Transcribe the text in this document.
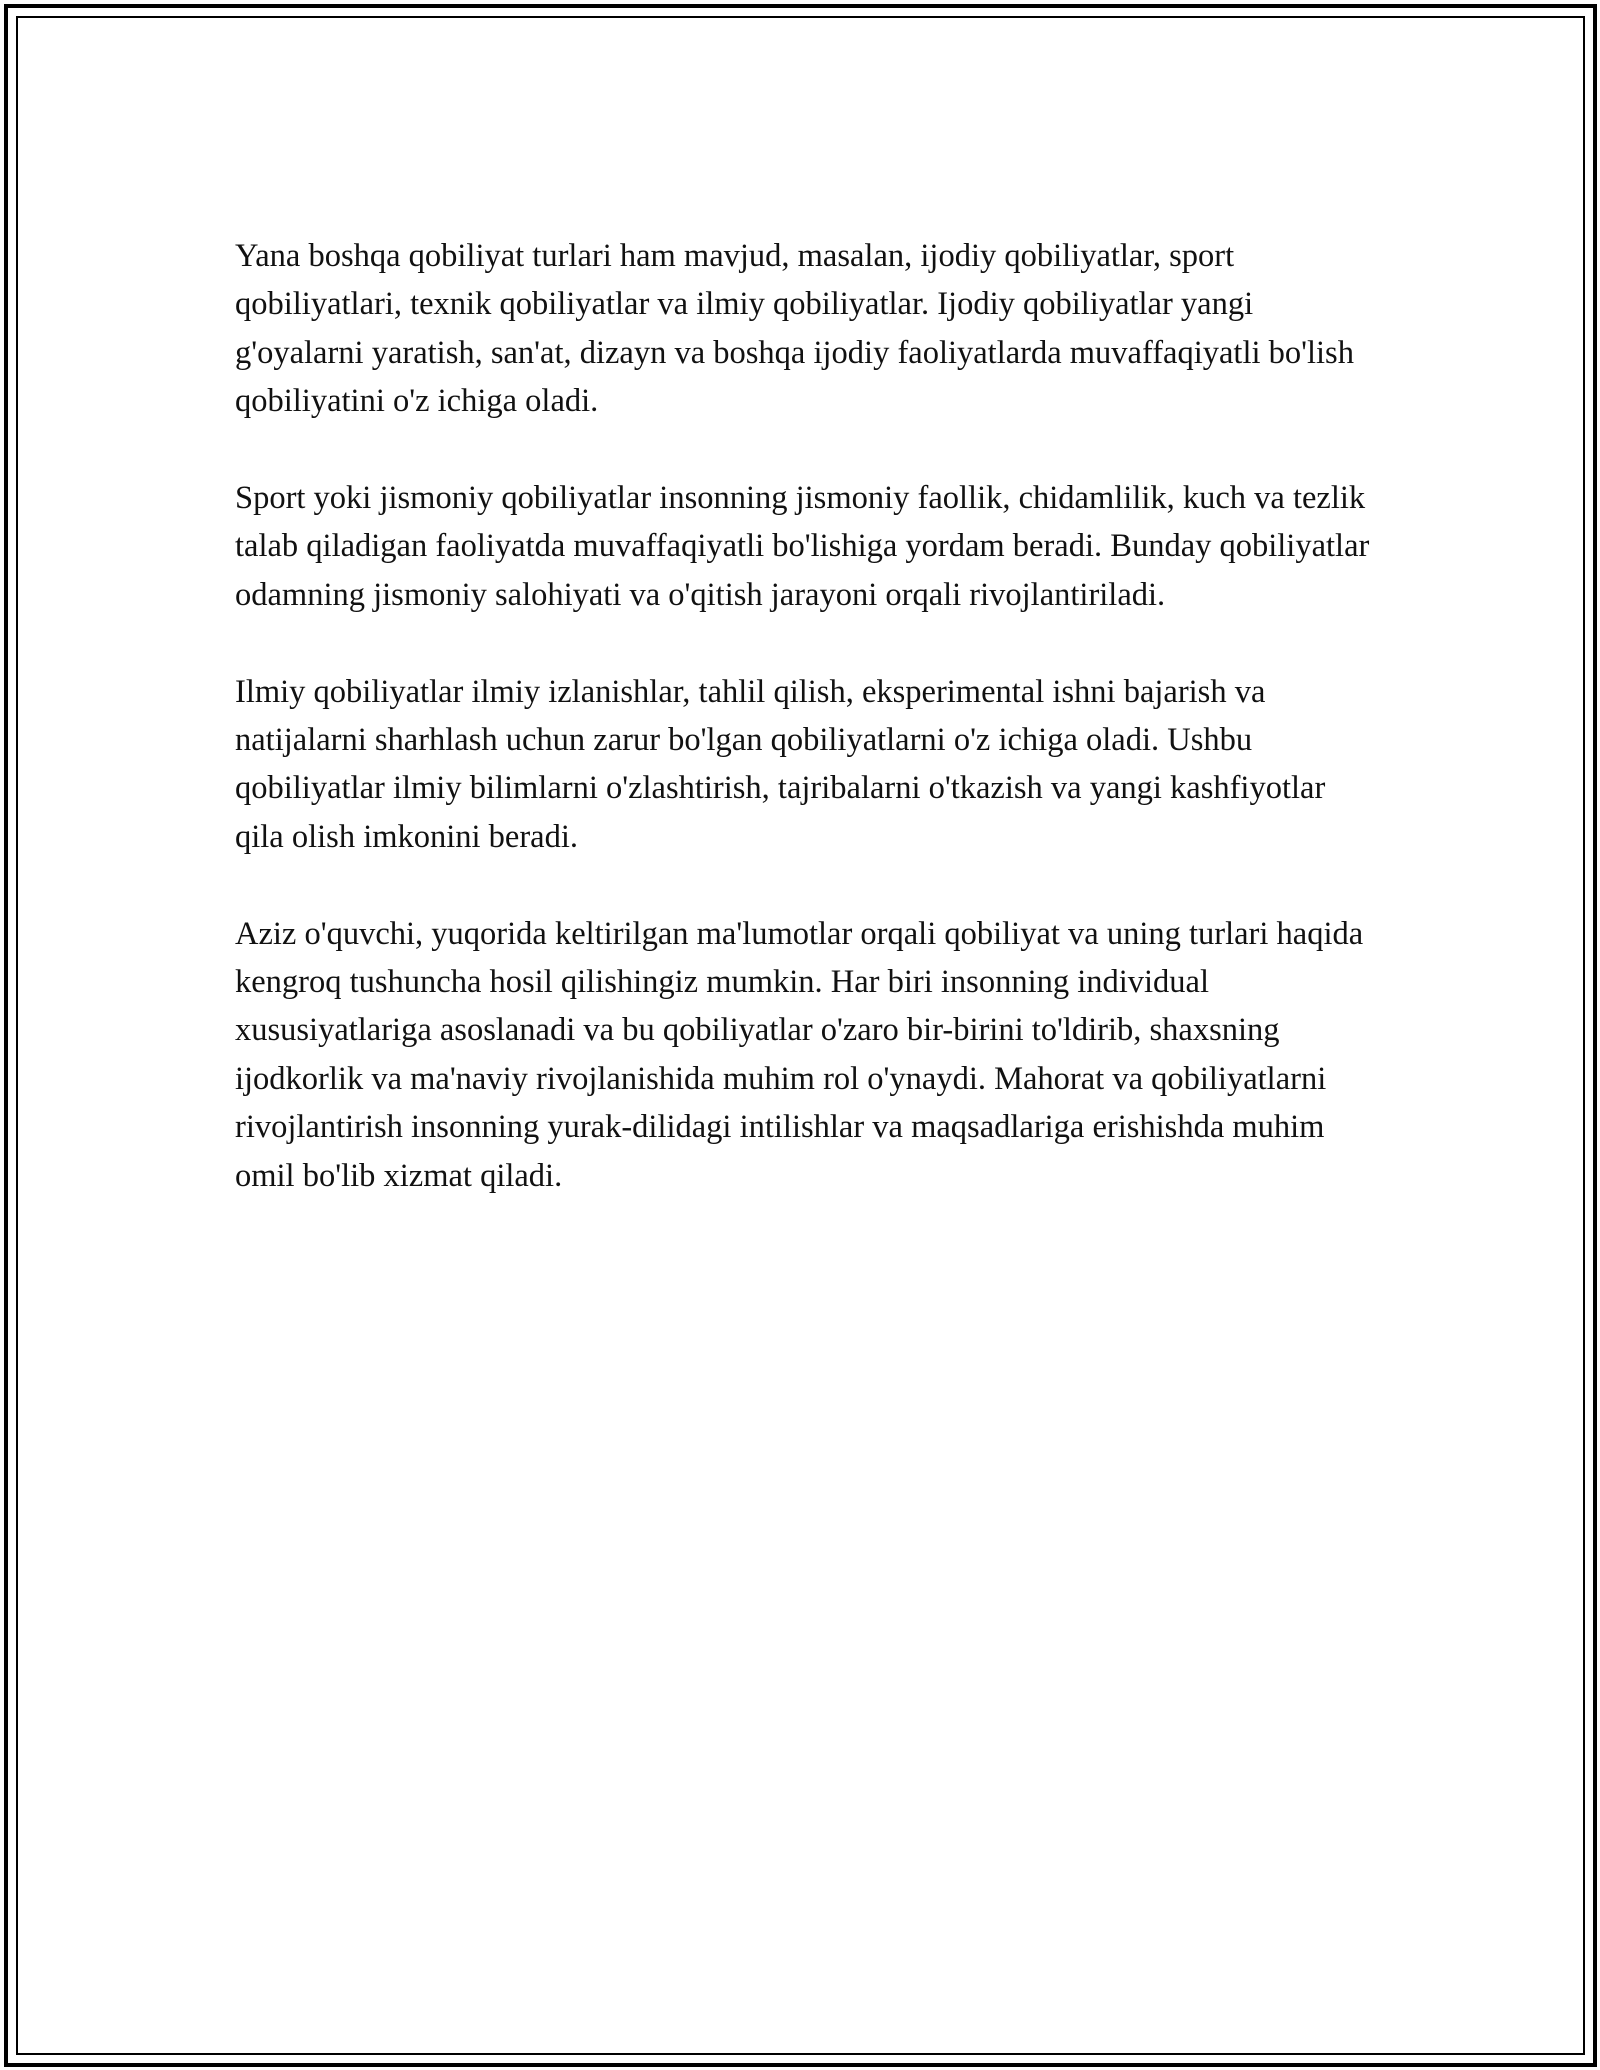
Yana boshqa qobiliyat turlari ham mavjud, masalan, ijodiy qobiliyatlar, sport qobiliyatlari, texnik qobiliyatlar va ilmiy qobiliyatlar. Ijodiy qobiliyatlar yangi g'oyalarni yaratish, san'at, dizayn va boshqa ijodiy faoliyatlarda muvaffaqiyatli bo'lish qobiliyatini o'z ichiga oladi.

Sport yoki jismoniy qobiliyatlar insonning jismoniy faollik, chidamlilik, kuch va tezlik talab qiladigan faoliyatda muvaffaqiyatli bo'lishiga yordam beradi. Bunday qobiliyatlar odamning jismoniy salohiyati va o'qitish jarayoni orqali rivojlantiriladi.

Ilmiy qobiliyatlar ilmiy izlanishlar, tahlil qilish, eksperimental ishni bajarish va natijalarni sharhlash uchun zarur bo'lgan qobiliyatlarni o'z ichiga oladi. Ushbu qobiliyatlar ilmiy bilimlarni o'zlashtirish, tajribalarni o'tkazish va yangi kashfiyotlar qila olish imkonini beradi.

Aziz o'quvchi, yuqorida keltirilgan ma'lumotlar orqali qobiliyat va uning turlari haqida kengroq tushuncha hosil qilishingiz mumkin. Har biri insonning individual xususiyatlariga asoslanadi va bu qobiliyatlar o'zaro bir-birini to'ldirib, shaxsning ijodkorlik va ma'naviy rivojlanishida muhim rol o'ynaydi. Mahorat va qobiliyatlarni rivojlantirish insonning yurak-dilidagi intilishlar va maqsadlariga erishishda muhim omil bo'lib xizmat qiladi.
